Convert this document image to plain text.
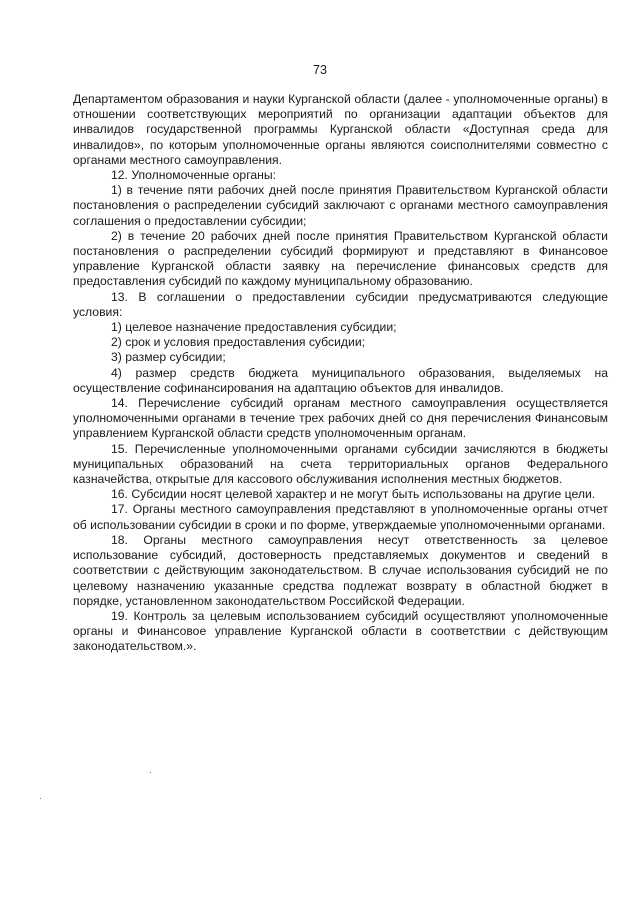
73

Департаментом образования и науки Курганской области (далее - уполномоченные органы) в отношении соответствующих мероприятий по организации адаптации объектов для инвалидов государственной программы Курганской области «Доступная среда для инвалидов», по которым уполномоченные органы являются соисполнителями совместно с органами местного самоуправления.

12. Уполномоченные органы:

1) в течение пяти рабочих дней после принятия Правительством Курганской области постановления о распределении субсидий заключают с органами местного самоуправления соглашения о предоставлении субсидии;

2) в течение 20 рабочих дней после принятия Правительством Курганской области постановления о распределении субсидий формируют и представляют в Финансовое управление Курганской области заявку на перечисление финансовых средств для предоставления субсидий по каждому муниципальному образованию.

13. В соглашении о предоставлении субсидии предусматриваются следующие условия:

1) целевое назначение предоставления субсидии;

2) срок и условия предоставления субсидии;

3) размер субсидии;

4) размер средств бюджета муниципального образования, выделяемых на осуществление софинансирования на адаптацию объектов для инвалидов.

14. Перечисление субсидий органам местного самоуправления осуществляется уполномоченными органами в течение трех рабочих дней со дня перечисления Финансовым управлением Курганской области средств уполномоченным органам.

15. Перечисленные уполномоченными органами субсидии зачисляются в бюджеты муниципальных образований на счета территориальных органов Федерального казначейства, открытые для кассового обслуживания исполнения местных бюджетов.

16. Субсидии носят целевой характер и не могут быть использованы на другие цели.

17. Органы местного самоуправления представляют в уполномоченные органы отчет об использовании субсидии в сроки и по форме, утверждаемые уполномоченными органами.

18. Органы местного самоуправления несут ответственность за целевое использование субсидий, достоверность представляемых документов и сведений в соответствии с действующим законодательством. В случае использования субсидий не по целевому назначению указанные средства подлежат возврату в областной бюджет в порядке, установленном законодательством Российской Федерации.

19. Контроль за целевым использованием субсидий осуществляют уполномоченные органы и Финансовое управление Курганской области в соответствии с действующим законодательством.».
